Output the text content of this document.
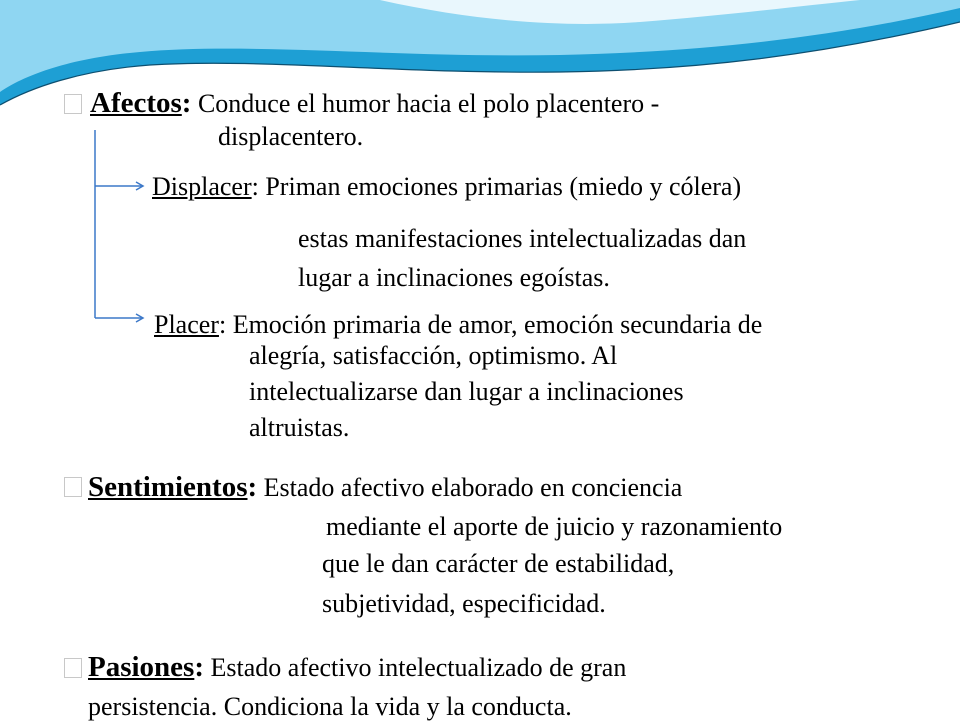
Afectos: Conduce el humor hacia el polo placentero -
displacentero.
Displacer: Priman emociones primarias (miedo y cólera)
estas manifestaciones intelectualizadas dan
lugar a inclinaciones egoístas.
Placer: Emoción primaria de amor, emoción secundaria de
alegría, satisfacción, optimismo. Al
intelectualizarse dan lugar a inclinaciones
altruistas.
Sentimientos: Estado afectivo elaborado en conciencia
mediante el aporte de juicio y razonamiento
que le dan carácter de estabilidad,
subjetividad, especificidad.
Pasiones: Estado afectivo intelectualizado de gran
persistencia. Condiciona la vida y la conducta.
